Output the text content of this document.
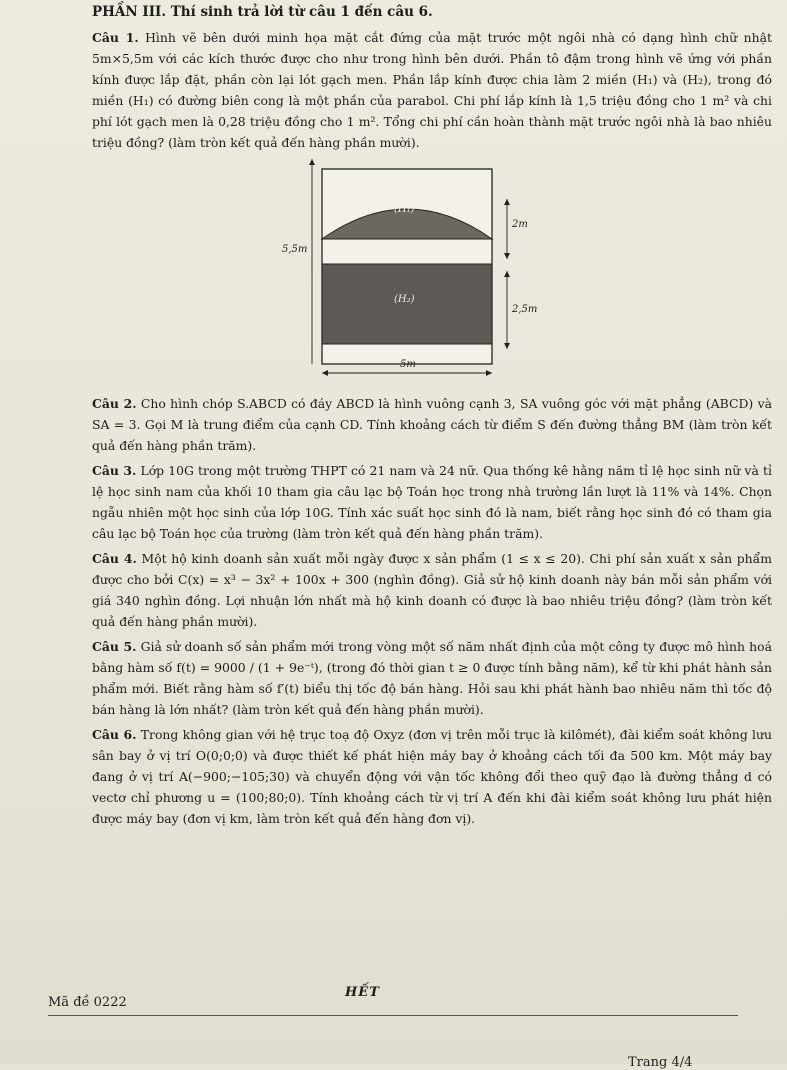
PHẦN III. Thí sinh trả lời từ câu 1 đến câu 6.

Câu 1. Hình vẽ bên dưới minh họa mặt cắt đứng của mặt trước một ngôi nhà có dạng hình chữ nhật 5m×5,5m với các kích thước được cho như trong hình bên dưới. Phần tô đậm trong hình vẽ ứng với phần kính được lắp đặt, phần còn lại lót gạch men. Phần lắp kính được chia làm 2 miền (H₁) và (H₂), trong đó miền (H₁) có đường biên cong là một phần của parabol. Chi phí lắp kính là 1,5 triệu đồng cho 1 m² và chi phí lót gạch men là 0,28 triệu đồng cho 1 m². Tổng chi phí cần hoàn thành mặt trước ngôi nhà là bao nhiêu triệu đồng? (làm tròn kết quả đến hàng phần mười).

(H₁)
(H₂)
5,5m
2m
2,5m
5m

Câu 2. Cho hình chóp S.ABCD có đáy ABCD là hình vuông cạnh 3, SA vuông góc với mặt phẳng (ABCD) và SA = 3. Gọi M là trung điểm của cạnh CD. Tính khoảng cách từ điểm S đến đường thẳng BM (làm tròn kết quả đến hàng phần trăm).

Câu 3. Lớp 10G trong một trường THPT có 21 nam và 24 nữ. Qua thống kê hằng năm tỉ lệ học sinh nữ và tỉ lệ học sinh nam của khối 10 tham gia câu lạc bộ Toán học trong nhà trường lần lượt là 11% và 14%. Chọn ngẫu nhiên một học sinh của lớp 10G. Tính xác suất học sinh đó là nam, biết rằng học sinh đó có tham gia câu lạc bộ Toán học của trường (làm tròn kết quả đến hàng phần trăm).

Câu 4. Một hộ kinh doanh sản xuất mỗi ngày được x sản phẩm (1 ≤ x ≤ 20). Chi phí sản xuất x sản phẩm được cho bởi C(x) = x³ − 3x² + 100x + 300 (nghìn đồng). Giả sử hộ kinh doanh này bán mỗi sản phẩm với giá 340 nghìn đồng. Lợi nhuận lớn nhất mà hộ kinh doanh có được là bao nhiêu triệu đồng? (làm tròn kết quả đến hàng phần mười).

Câu 5. Giả sử doanh số sản phẩm mới trong vòng một số năm nhất định của một công ty được mô hình hoá bằng hàm số f(t) = 9000 / (1 + 9e⁻ᵗ), (trong đó thời gian t ≥ 0 được tính bằng năm), kể từ khi phát hành sản phẩm mới. Biết rằng hàm số f′(t) biểu thị tốc độ bán hàng. Hỏi sau khi phát hành bao nhiêu năm thì tốc độ bán hàng là lớn nhất? (làm tròn kết quả đến hàng phần mười).

Câu 6. Trong không gian với hệ trục toạ độ Oxyz (đơn vị trên mỗi trục là kilômét), đài kiểm soát không lưu sân bay ở vị trí O(0;0;0) và được thiết kế phát hiện máy bay ở khoảng cách tối đa 500 km. Một máy bay đang ở vị trí A(−900;−105;30) và chuyển động với vận tốc không đổi theo quỹ đạo là đường thẳng d có vectơ chỉ phương u = (100;80;0). Tính khoảng cách từ vị trí A đến khi đài kiểm soát không lưu phát hiện được máy bay (đơn vị km, làm tròn kết quả đến hàng đơn vị).

HẾT
Mã đề 0222
Trang 4/4
